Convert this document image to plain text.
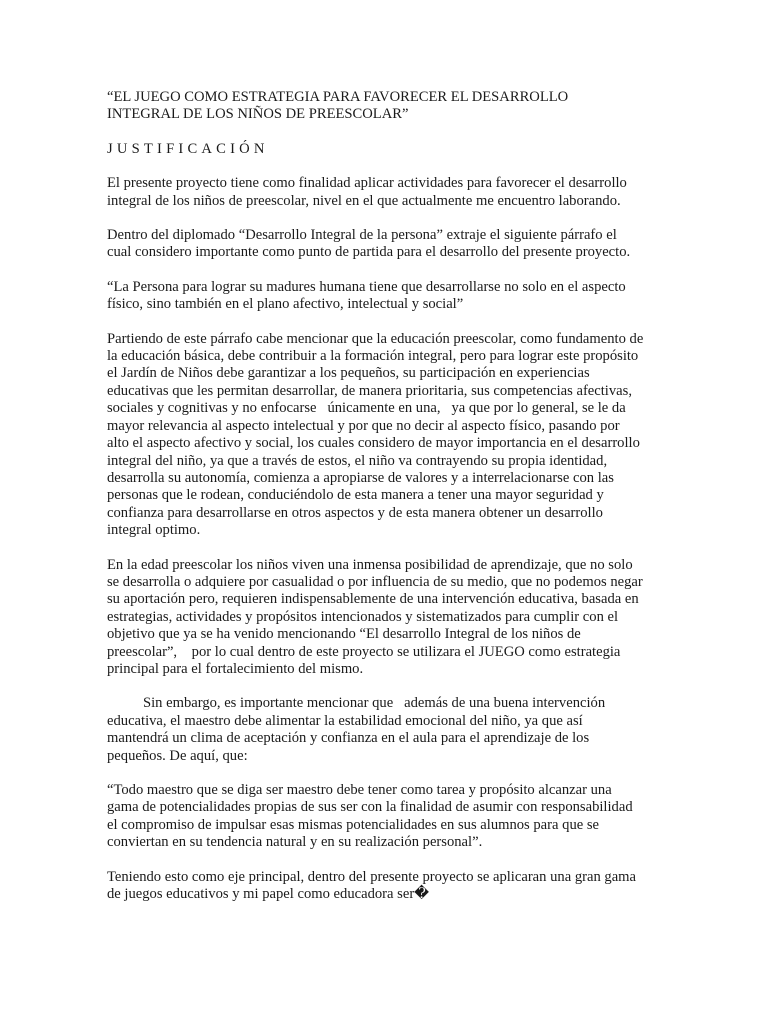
“EL JUEGO COMO ESTRATEGIA PARA FAVORECER EL DESARROLLO
INTEGRAL DE LOS NIÑOS DE PREESCOLAR”
JUSTIFICACIÓN

El presente proyecto tiene como finalidad aplicar actividades para favorecer el desarrollo
integral de los niños de preescolar, nivel en el que actualmente me encuentro laborando.

Dentro del diplomado “Desarrollo Integral de la persona” extraje el siguiente párrafo el
cual considero importante como punto de partida para el desarrollo del presente proyecto.

“La Persona para lograr su madures humana tiene que desarrollarse no solo en el aspecto
físico, sino también en el plano afectivo, intelectual y social”

Partiendo de este párrafo cabe mencionar que la educación preescolar, como fundamento de
la educación básica, debe contribuir a la formación integral, pero para lograr este propósito
el Jardín de Niños debe garantizar a los pequeños, su participación en experiencias
educativas que les permitan desarrollar, de manera prioritaria, sus competencias afectivas,
sociales y cognitivas y no enfocarse   únicamente en una,   ya que por lo general, se le da
mayor relevancia al aspecto intelectual y por que no decir al aspecto físico, pasando por
alto el aspecto afectivo y social, los cuales considero de mayor importancia en el desarrollo
integral del niño, ya que a través de estos, el niño va contrayendo su propia identidad,
desarrolla su autonomía, comienza a apropiarse de valores y a interrelacionarse con las
personas que le rodean, conduciéndolo de esta manera a tener una mayor seguridad y
confianza para desarrollarse en otros aspectos y de esta manera obtener un desarrollo
integral optimo.

En la edad preescolar los niños viven una inmensa posibilidad de aprendizaje, que no solo
se desarrolla o adquiere por casualidad o por influencia de su medio, que no podemos negar
su aportación pero, requieren indispensablemente de una intervención educativa, basada en
estrategias, actividades y propósitos intencionados y sistematizados para cumplir con el
objetivo que ya se ha venido mencionando “El desarrollo Integral de los niños de
preescolar”,    por lo cual dentro de este proyecto se utilizara el JUEGO como estrategia
principal para el fortalecimiento del mismo.

Sin embargo, es importante mencionar que   además de una buena intervención
educativa, el maestro debe alimentar la estabilidad emocional del niño, ya que así
mantendrá un clima de aceptación y confianza en el aula para el aprendizaje de los
pequeños. De aquí, que:

“Todo maestro que se diga ser maestro debe tener como tarea y propósito alcanzar una
gama de potencialidades propias de sus ser con la finalidad de asumir con responsabilidad
el compromiso de impulsar esas mismas potencialidades en sus alumnos para que se
conviertan en su tendencia natural y en su realización personal”.

Teniendo esto como eje principal, dentro del presente proyecto se aplicaran una gran gama
de juegos educativos y mi papel como educadora ser�
